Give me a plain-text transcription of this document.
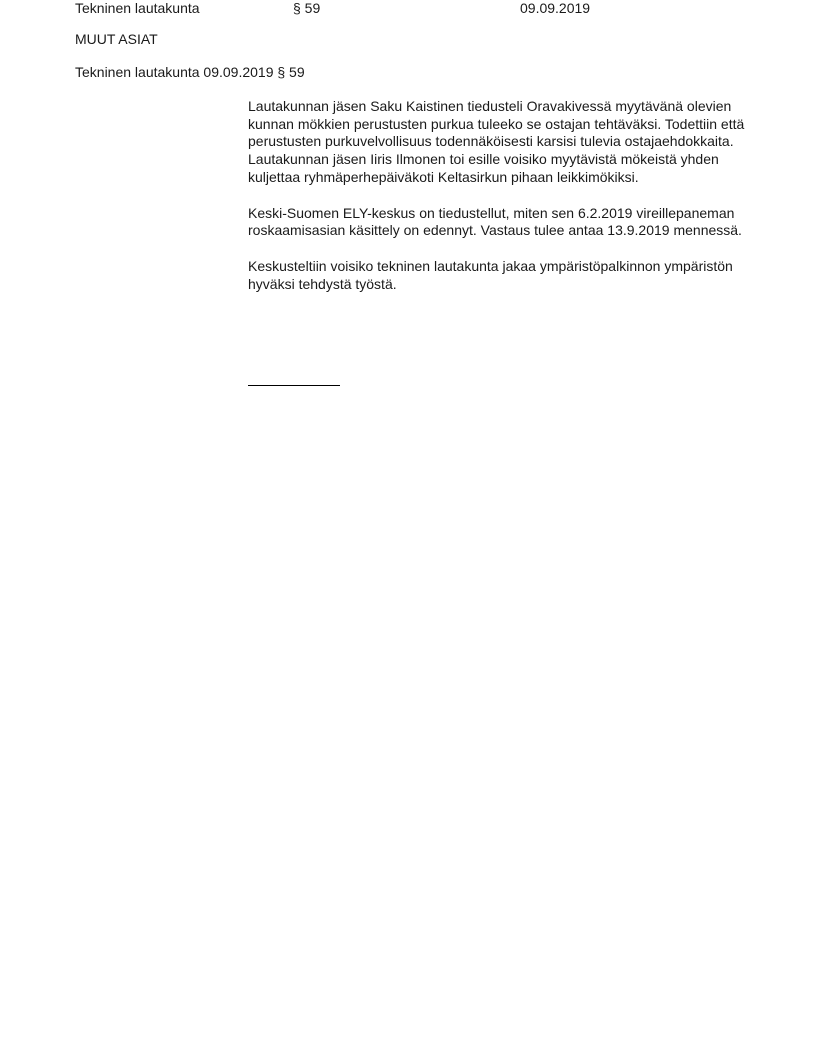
Tekninen lautakunta	§ 59	09.09.2019
MUUT ASIAT
Tekninen lautakunta 09.09.2019 § 59

Lautakunnan jäsen Saku Kaistinen tiedusteli Oravakivessä myytävänä olevien kunnan mökkien perustusten purkua tuleeko se ostajan tehtäväksi. Todettiin että perustusten purkuvelvollisuus todennäköisesti karsisi tulevia ostajaehdokkaita. Lautakunnan jäsen Iiris Ilmonen toi esille voisiko myytävistä mökeistä yhden kuljettaa ryhmäperhepäiväkoti Keltasirkun pihaan leikkimökiksi.

Keski-Suomen ELY-keskus on tiedustellut, miten sen 6.2.2019 vireillepaneman roskaamisasian käsittely on edennyt. Vastaus tulee antaa 13.9.2019 mennessä.

Keskusteltiin voisiko tekninen lautakunta jakaa ympäristöpalkinnon ympäristön hyväksi tehdystä työstä.
